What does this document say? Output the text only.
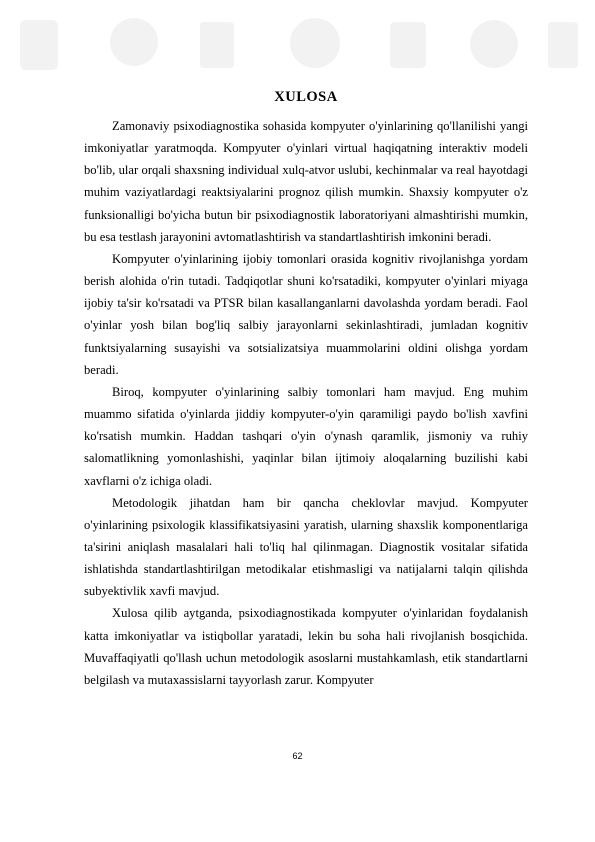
XULOSA

Zamonaviy psixodiagnostika sohasida kompyuter o'yinlarining qo'llanilishi yangi imkoniyatlar yaratmoqda. Kompyuter o'yinlari virtual haqiqatning interaktiv modeli bo'lib, ular orqali shaxsning individual xulq-atvor uslubi, kechinmalar va real hayotdagi muhim vaziyatlardagi reaktsiyalarini prognoz qilish mumkin. Shaxsiy kompyuter o'z funksionalligi bo'yicha butun bir psixodiagnostik laboratoriyani almashtirishi mumkin, bu esa testlash jarayonini avtomatlashtirish va standartlashtirish imkonini beradi.

Kompyuter o'yinlarining ijobiy tomonlari orasida kognitiv rivojlanishga yordam berish alohida o'rin tutadi. Tadqiqotlar shuni ko'rsatadiki, kompyuter o'yinlari miyaga ijobiy ta'sir ko'rsatadi va PTSR bilan kasallanganlarni davolashda yordam beradi. Faol o'yinlar yosh bilan bog'liq salbiy jarayonlarni sekinlashtiradi, jumladan kognitiv funktsiyalarning susayishi va sotsializatsiya muammolarini oldini olishga yordam beradi.

Biroq, kompyuter o'yinlarining salbiy tomonlari ham mavjud. Eng muhim muammo sifatida o'yinlarda jiddiy kompyuter-o'yin qaramiligi paydo bo'lish xavfini ko'rsatish mumkin. Haddan tashqari o'yin o'ynash qaramlik, jismoniy va ruhiy salomatlikning yomonlashishi, yaqinlar bilan ijtimoiy aloqalarning buzilishi kabi xavflarni o'z ichiga oladi.

Metodologik jihatdan ham bir qancha cheklovlar mavjud. Kompyuter o'yinlarining psixologik klassifikatsiyasini yaratish, ularning shaxslik komponentlariga ta'sirini aniqlash masalalari hali to'liq hal qilinmagan. Diagnostik vositalar sifatida ishlatishda standartlashtirilgan metodikalar etishmasligi va natijalarni talqin qilishda subyektivlik xavfi mavjud.

Xulosa qilib aytganda, psixodiagnostikada kompyuter o'yinlaridan foydalanish katta imkoniyatlar va istiqbollar yaratadi, lekin bu soha hali rivojlanish bosqichida. Muvaffaqiyatli qo'llash uchun metodologik asoslarni mustahkamlash, etik standartlarni belgilash va mutaxassislarni tayyorlash zarur. Kompyuter

62
